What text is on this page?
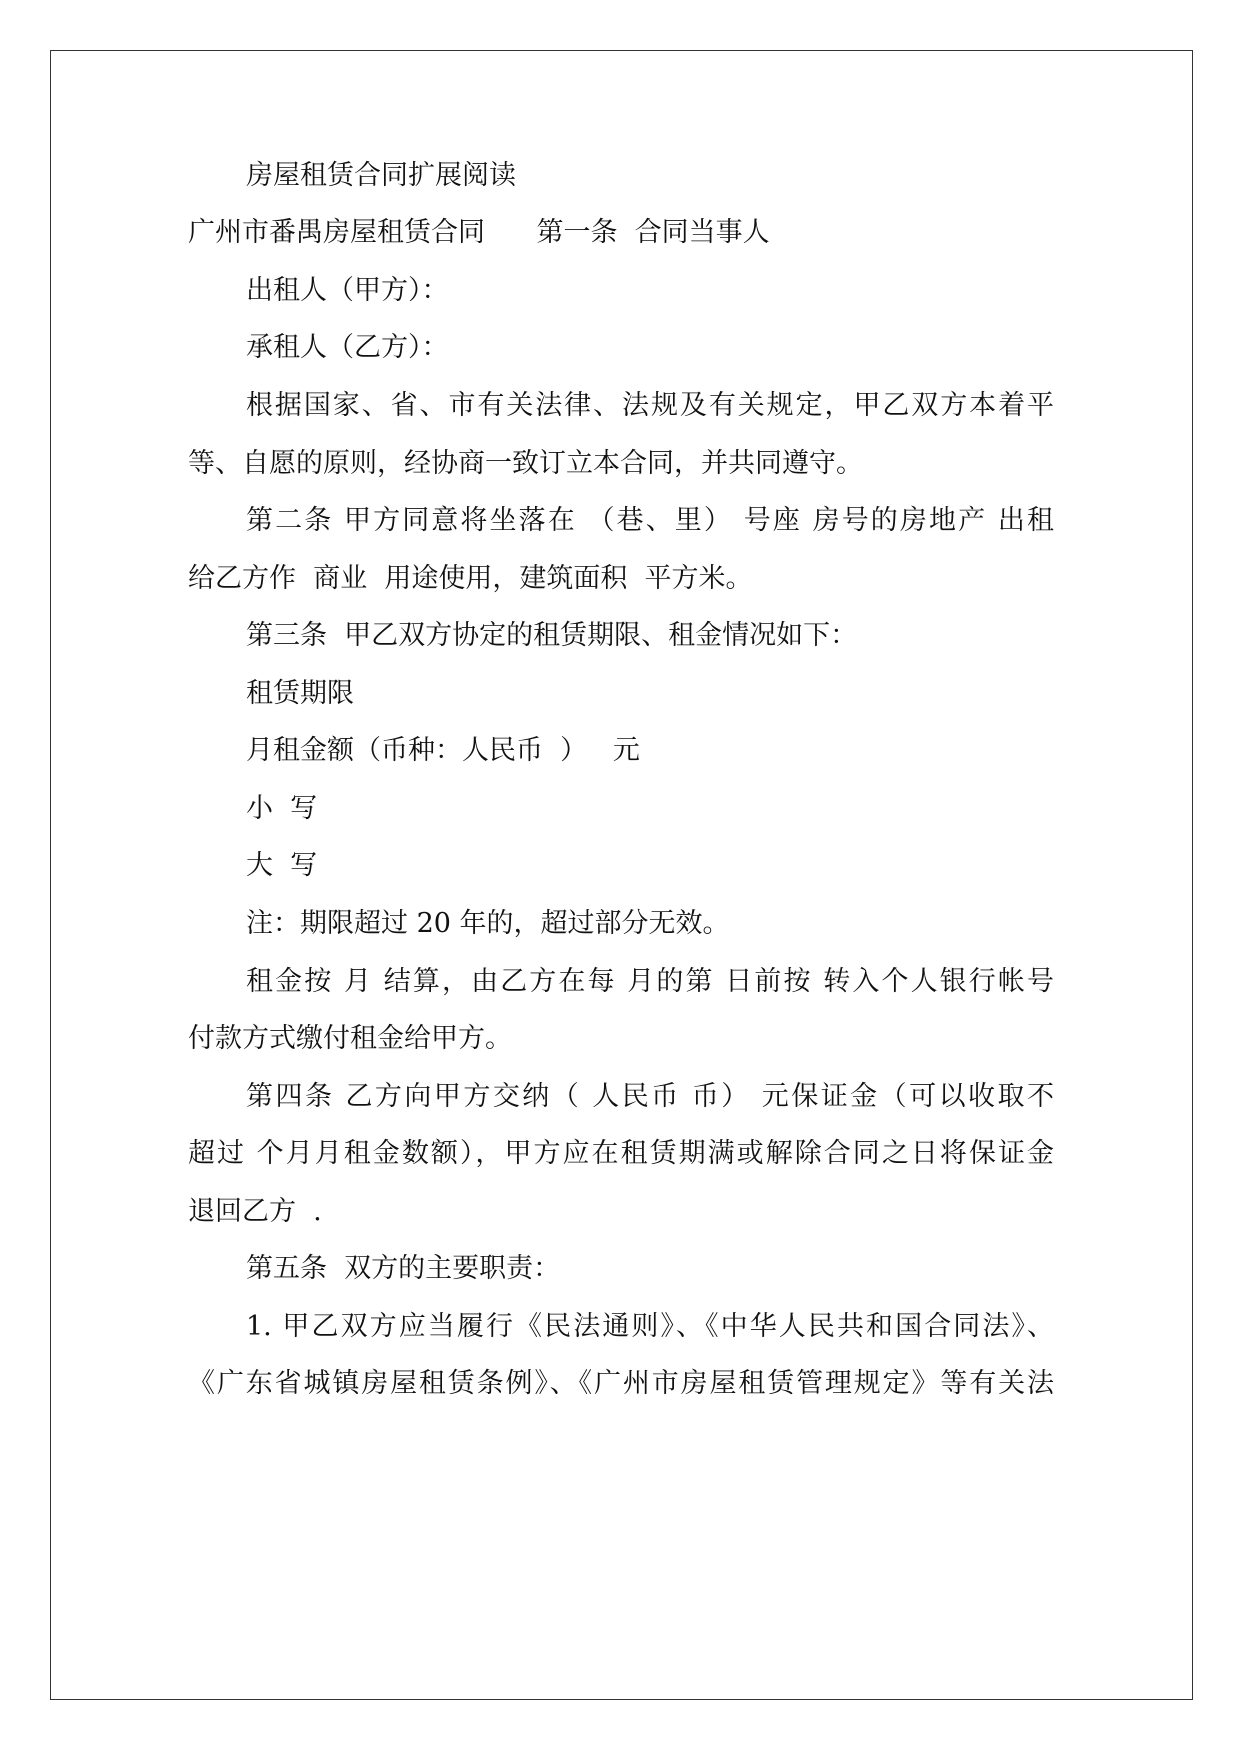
房屋租赁合同扩展阅读
广州市番禺房屋租赁合同      第一条  合同当事人
出租人（甲方）：
承租人（乙方）：
根据国家、省、市有关法律、法规及有关规定，甲乙双方本着平
等、自愿的原则，经协商一致订立本合同，并共同遵守。
第二条 甲方同意将坐落在 （巷、里） 号座 房号的房地产 出租
给乙方作  商业  用途使用，建筑面积  平方米。
第三条  甲乙双方协定的租赁期限、租金情况如下：
租赁期限
月租金额（币种：人民币  ）   元
小  写
大  写
注：期限超过 20 年的，超过部分无效。
租金按 月 结算，由乙方在每 月的第 日前按 转入个人银行帐号
付款方式缴付租金给甲方。
第四条 乙方向甲方交纳（ 人民币 币） 元保证金（可以收取不
超过 个月月租金数额），甲方应在租赁期满或解除合同之日将保证金
退回乙方  .
第五条  双方的主要职责：
1. 甲乙双方应当履行《民法通则》、《中华人民共和国合同法》、
《广东省城镇房屋租赁条例》、《广州市房屋租赁管理规定》等有关法
